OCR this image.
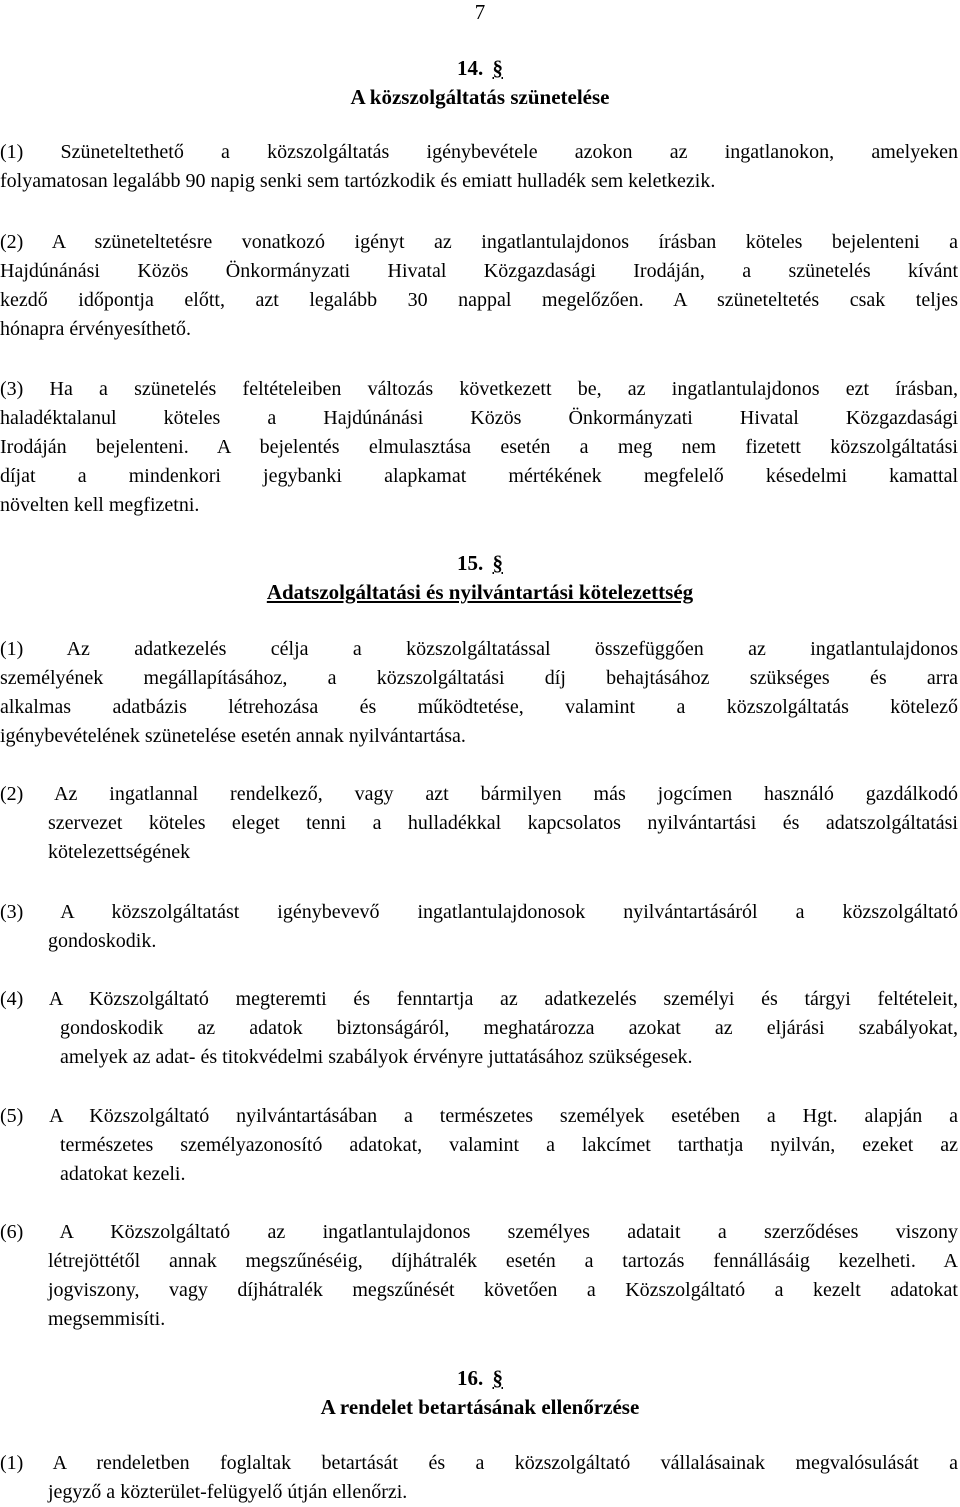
7
14. §
A közszolgáltatás szünetelése
(1) Szüneteltethető a közszolgáltatás igénybevétele azokon az ingatlanokon, amelyeken
folyamatosan legalább 90 napig senki sem tartózkodik és emiatt hulladék sem keletkezik.
(2) A szüneteltetésre vonatkozó igényt az ingatlantulajdonos írásban köteles bejelenteni a
Hajdúnánási Közös Önkormányzati Hivatal Közgazdasági Irodáján, a szünetelés kívánt
kezdő időpontja előtt, azt legalább 30 nappal megelőzően. A szüneteltetés csak teljes
hónapra érvényesíthető.
(3) Ha a szünetelés feltételeiben változás következett be, az ingatlantulajdonos ezt írásban,
haladéktalanul köteles a Hajdúnánási Közös Önkormányzati Hivatal Közgazdasági
Irodáján bejelenteni. A bejelentés elmulasztása esetén a meg nem fizetett közszolgáltatási
díjat a mindenkori jegybanki alapkamat mértékének megfelelő késedelmi kamattal
növelten kell megfizetni.
15. §
Adatszolgáltatási és nyilvántartási kötelezettség
(1) Az adatkezelés célja a közszolgáltatással összefüggően az ingatlantulajdonos
személyének megállapításához, a közszolgáltatási díj behajtásához szükséges és arra
alkalmas adatbázis létrehozása és működtetése, valamint a közszolgáltatás kötelező
igénybevételének szünetelése esetén annak nyilvántartása.
(2) Az ingatlannal rendelkező, vagy azt bármilyen más jogcímen használó gazdálkodó
szervezet köteles eleget tenni a hulladékkal kapcsolatos nyilvántartási és adatszolgáltatási
kötelezettségének
(3) A közszolgáltatást igénybevevő ingatlantulajdonosok nyilvántartásáról a közszolgáltató
gondoskodik.
(4) A Közszolgáltató megteremti és fenntartja az adatkezelés személyi és tárgyi feltételeit,
gondoskodik az adatok biztonságáról, meghatározza azokat az eljárási szabályokat,
amelyek az adat- és titokvédelmi szabályok érvényre juttatásához szükségesek.
(5) A Közszolgáltató nyilvántartásában a természetes személyek esetében a Hgt. alapján a
természetes személyazonosító adatokat, valamint a lakcímet tarthatja nyilván, ezeket az
adatokat kezeli.
(6) A Közszolgáltató az ingatlantulajdonos személyes adatait a szerződéses viszony
létrejöttétől annak megszűnéséig, díjhátralék esetén a tartozás fennállásáig kezelheti. A
jogviszony, vagy díjhátralék megszűnését követően a Közszolgáltató a kezelt adatokat
megsemmisíti.
16. §
A rendelet betartásának ellenőrzése
(1) A rendeletben foglaltak betartását és a közszolgáltató vállalásainak megvalósulását a
jegyző a közterület-felügyelő útján ellenőrzi.
